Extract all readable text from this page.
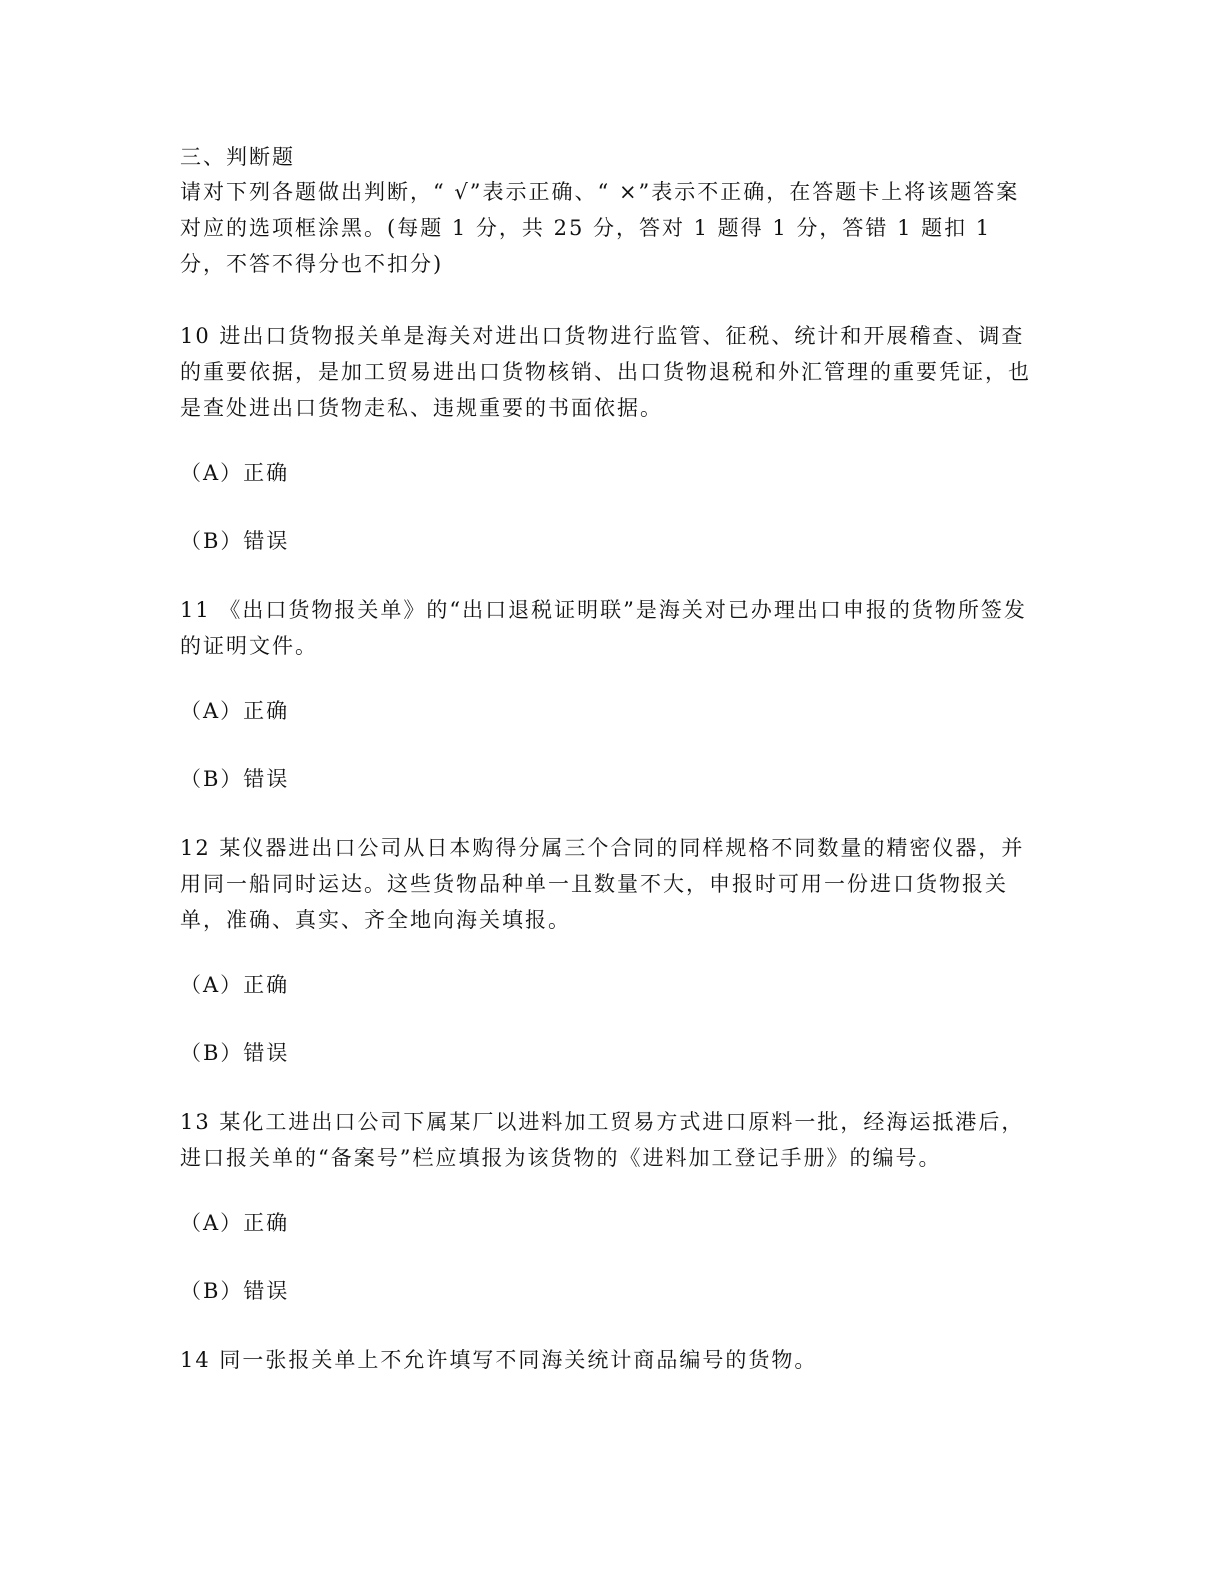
三、判断题

请对下列各题做出判断，“ √”表示正确、“ ×”表示不正确，在答题卡上将该题答案对应的选项框涂黑。(每题 1 分，共 25 分，答对 1 题得 1 分，答错 1 题扣 1 分，不答不得分也不扣分)

10 进出口货物报关单是海关对进出口货物进行监管、征税、统计和开展稽查、调查的重要依据，是加工贸易进出口货物核销、出口货物退税和外汇管理的重要凭证，也是查处进出口货物走私、违规重要的书面依据。

（A）正确

（B）错误

11 《出口货物报关单》的“出口退税证明联”是海关对已办理出口申报的货物所签发的证明文件。

（A）正确

（B）错误

12 某仪器进出口公司从日本购得分属三个合同的同样规格不同数量的精密仪器，并用同一船同时运达。这些货物品种单一且数量不大，申报时可用一份进口货物报关单，准确、真实、齐全地向海关填报。

（A）正确

（B）错误

13 某化工进出口公司下属某厂以进料加工贸易方式进口原料一批，经海运抵港后，进口报关单的“备案号”栏应填报为该货物的《进料加工登记手册》的编号。

（A）正确

（B）错误

14 同一张报关单上不允许填写不同海关统计商品编号的货物。
